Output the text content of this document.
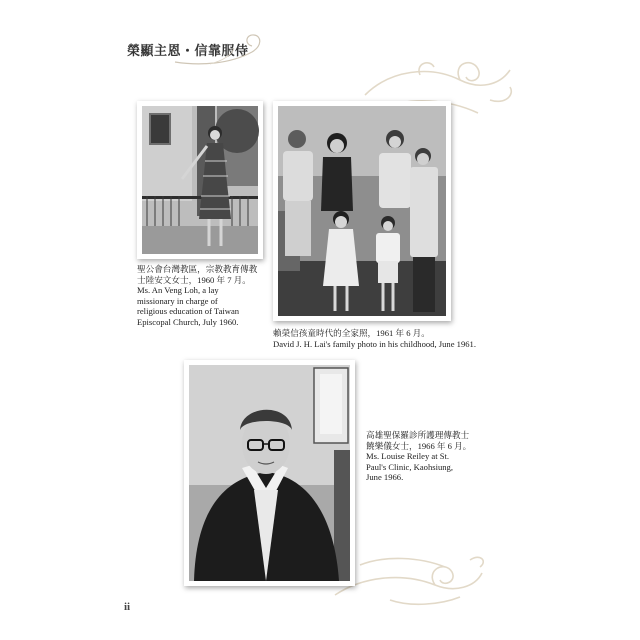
榮顯主恩・信靠服侍
聖公會台灣教區，宗教教育傳教
士陸安文女士，1960 年 7 月。
Ms. An Veng Loh, a lay
missionary in charge of
religious education of Taiwan
Episcopal Church, July 1960.
賴榮信孩童時代的全家照，1961 年 6 月。
David J. H. Lai's family photo in his childhood, June 1961.
高雄聖保羅診所護理傳教士
饒樂儀女士，1966 年 6 月。
Ms. Louise Reiley at St.
Paul's Clinic, Kaohsiung,
June 1966.
ii
